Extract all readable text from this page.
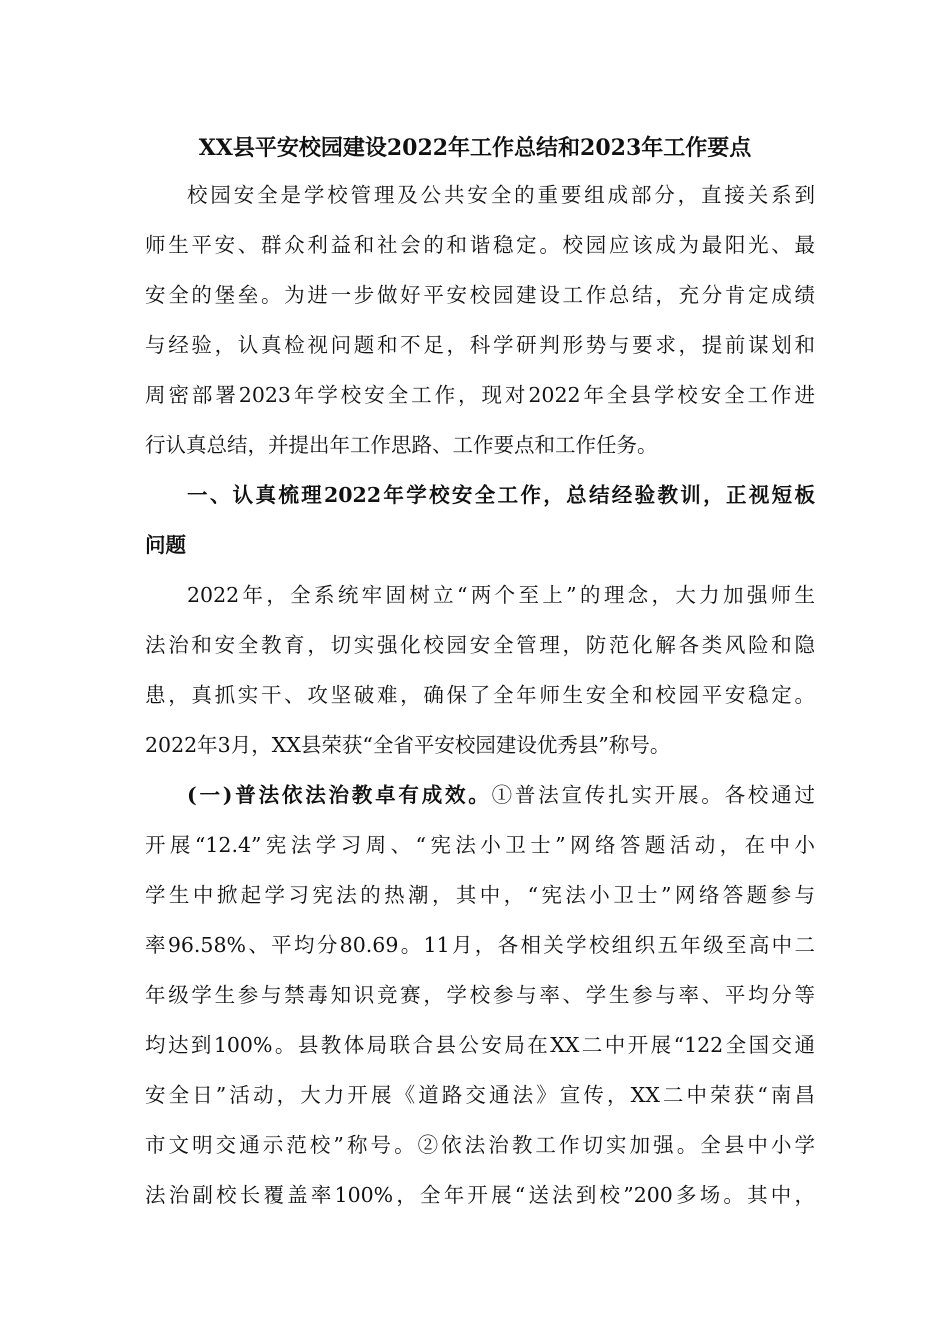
XX县平安校园建设2022年工作总结和2023年工作要点

校园安全是学校管理及公共安全的重要组成部分，直接关系到

师生平安、群众利益和社会的和谐稳定。校园应该成为最阳光、最

安全的堡垒。为进一步做好平安校园建设工作总结，充分肯定成绩

与经验，认真检视问题和不足，科学研判形势与要求，提前谋划和

周密部署2023年学校安全工作，现对2022年全县学校安全工作进

行认真总结，并提出年工作思路、工作要点和工作任务。

一、认真梳理2022年学校安全工作，总结经验教训，正视短板

问题

2022年，全系统牢固树立“两个至上”的理念，大力加强师生

法治和安全教育，切实强化校园安全管理，防范化解各类风险和隐

患，真抓实干、攻坚破难，确保了全年师生安全和校园平安稳定。

2022年3月，XX县荣获“全省平安校园建设优秀县”称号。

(一)普法依法治教卓有成效。①普法宣传扎实开展。各校通过

开展“12.4”宪法学习周、“宪法小卫士”网络答题活动，在中小

学生中掀起学习宪法的热潮，其中，“宪法小卫士”网络答题参与

率96.58%、平均分80.69。11月，各相关学校组织五年级至高中二

年级学生参与禁毒知识竞赛，学校参与率、学生参与率、平均分等

均达到100%。县教体局联合县公安局在XX二中开展“122全国交通

安全日”活动，大力开展《道路交通法》宣传，XX二中荣获“南昌

市文明交通示范校”称号。②依法治教工作切实加强。全县中小学

法治副校长覆盖率100%，全年开展“送法到校”200多场。其中，
